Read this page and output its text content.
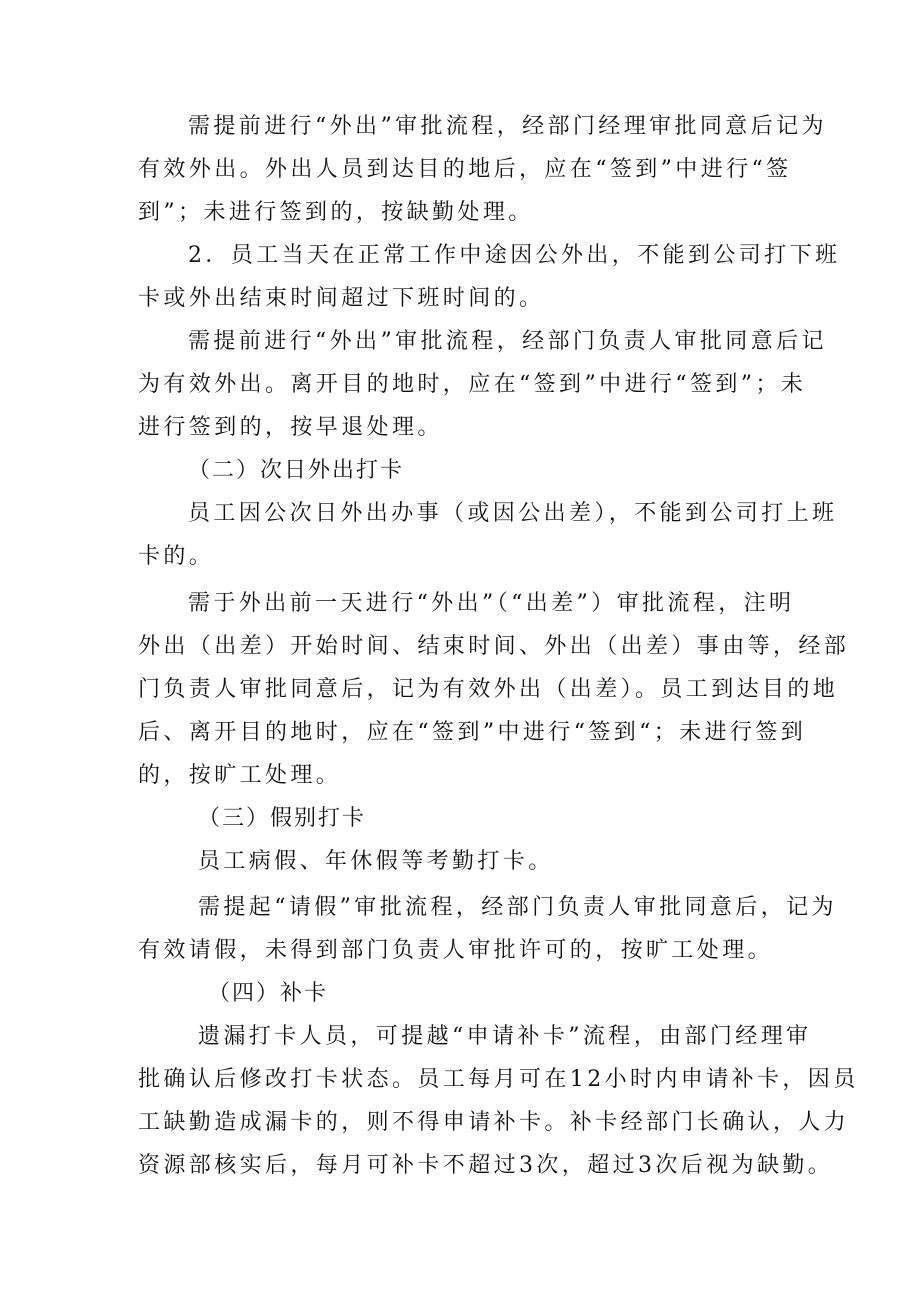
需提前进行“外出”审批流程，经部门经理审批同意后记为
有效外出。外出人员到达目的地后，应在“签到”中进行“签
到”；未进行签到的，按缺勤处理。
2．员工当天在正常工作中途因公外出，不能到公司打下班
卡或外出结束时间超过下班时间的。
需提前进行“外出”审批流程，经部门负责人审批同意后记
为有效外出。离开目的地时，应在“签到”中进行“签到”；未
进行签到的，按早退处理。
（二）次日外出打卡
员工因公次日外出办事（或因公出差），不能到公司打上班
卡的。
需于外出前一天进行“外出”（“出差”）审批流程，注明
外出（出差）开始时间、结束时间、外出（出差）事由等，经部
门负责人审批同意后，记为有效外出（出差）。员工到达目的地
后、离开目的地时，应在“签到”中进行“签到“；未进行签到
的，按旷工处理。
（三）假别打卡
员工病假、年休假等考勤打卡。
需提起“请假”审批流程，经部门负责人审批同意后，记为
有效请假，未得到部门负责人审批许可的，按旷工处理。
（四）补卡
遗漏打卡人员，可提越“申请补卡”流程，由部门经理审
批确认后修改打卡状态。员工每月可在12小时内申请补卡，因员
工缺勤造成漏卡的，则不得申请补卡。补卡经部门长确认，人力
资源部核实后，每月可补卡不超过3次，超过3次后视为缺勤。
